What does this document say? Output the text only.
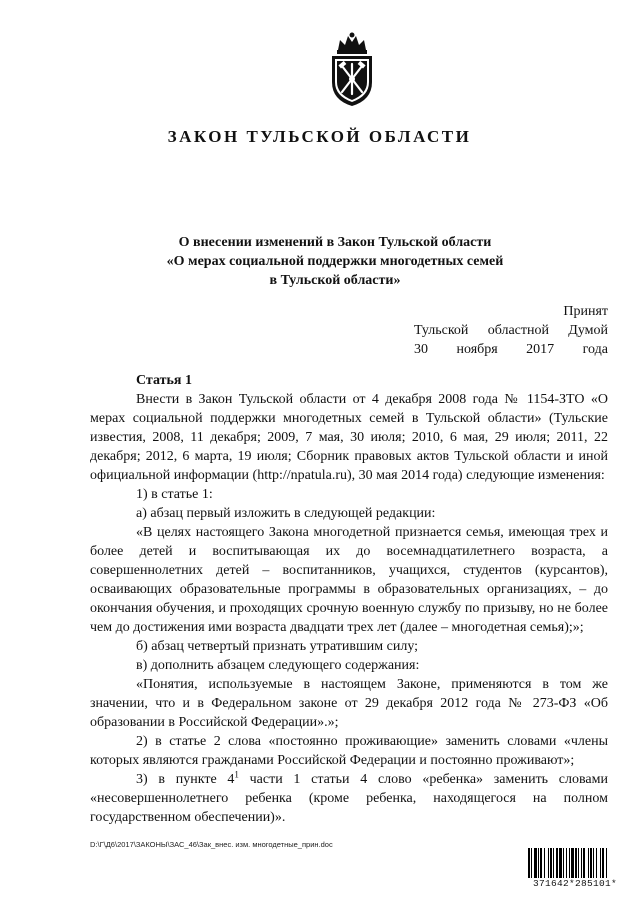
ЗАКОН ТУЛЬСКОЙ ОБЛАСТИ
О внесении изменений в Закон Тульской области
«О мерах социальной поддержки многодетных семей
в Тульской области»
Принят
Тульской областной Думой
30 ноября 2017 года
Статья 1

Внести в Закон Тульской области от 4 декабря 2008 года № 1154-ЗТО «О мерах социальной поддержки многодетных семей в Тульской области» (Тульские известия, 2008, 11 декабря; 2009, 7 мая, 30 июля; 2010, 6 мая, 29 июля; 2011, 22 декабря; 2012, 6 марта, 19 июля; Сборник правовых актов Тульской области и иной официальной информации (http://npatula.ru), 30 мая 2014 года) следующие изменения:

1) в статье 1:

а) абзац первый изложить в следующей редакции:

«В целях настоящего Закона многодетной признается семья, имеющая трех и более детей и воспитывающая их до восемнадцатилетнего возраста, а совершеннолетних детей – воспитанников, учащихся, студентов (курсантов), осваивающих образовательные программы в образовательных организациях, – до окончания обучения, и проходящих срочную военную службу по призыву, но не более чем до достижения ими возраста двадцати трех лет (далее – многодетная семья);»;

б) абзац четвертый признать утратившим силу;

в) дополнить абзацем следующего содержания:

«Понятия, используемые в настоящем Законе, применяются в том же значении, что и в Федеральном законе от 29 декабря 2012 года № 273-ФЗ «Об образовании в Российской Федерации».»;

2) в статье 2 слова «постоянно проживающие» заменить словами «члены которых являются гражданами Российской Федерации и постоянно проживают»;

3) в пункте $4^1$ части 1 статьи 4 слово «ребенка» заменить словами «несовершеннолетнего ребенка (кроме ребенка, находящегося на полном государственном обеспечении)».

D:\Г\Д6\2017\ЗАКОНЫ\ЗАС_46\Зак_внес. изм. многодетные_прин.doc
371642*285101*
